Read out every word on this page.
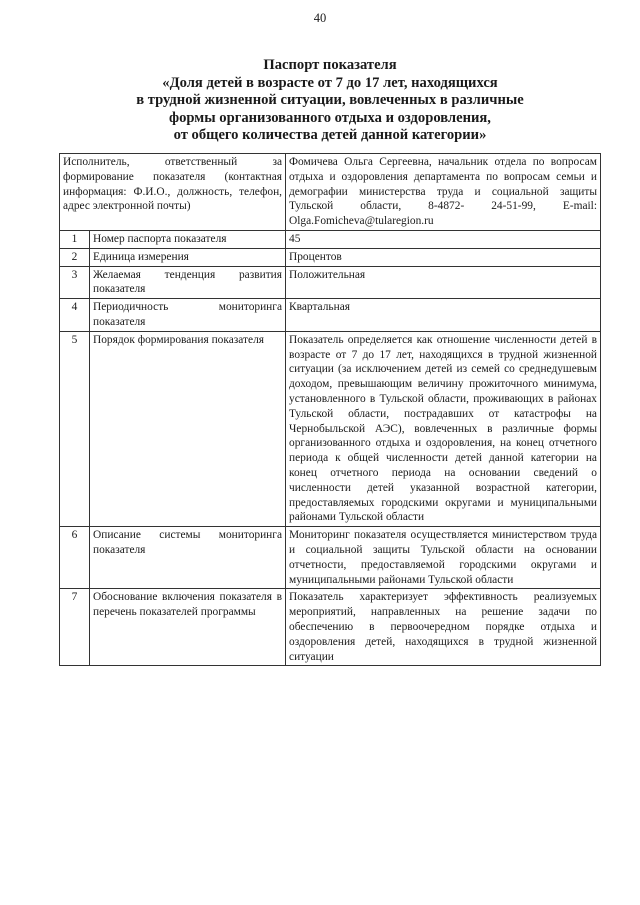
40
Паспорт показателя
«Доля детей в возрасте от 7 до 17 лет, находящихся
в трудной жизненной ситуации, вовлеченных в различные
формы организованного отдыха и оздоровления,
от общего количества детей данной категории»
Исполнитель, ответственный за формирование показателя (контактная информация: Ф.И.О., должность, телефон, адрес электронной почты)		Фомичева Ольга Сергеевна, начальник отдела по вопросам отдыха и оздоровления департамента по вопросам семьи и демографии министерства труда и социальной защиты Тульской области, 8-4872- 24-51-99, E-mail: Olga.Fomicheva@tularegion.ru
1	Номер паспорта показателя	45
2	Единица измерения	Процентов
3	Желаемая тенденция развития показателя	Положительная
4	Периодичность мониторинга показателя	Квартальная
5	Порядок формирования показателя	Показатель определяется как отношение численности детей в возрасте от 7 до 17 лет, находящихся в трудной жизненной ситуации (за исключением детей из семей со среднедушевым доходом, превышающим величину прожиточного минимума, установленного в Тульской области, проживающих в районах Тульской области, пострадавших от катастрофы на Чернобыльской АЭС), вовлеченных в различные формы организованного отдыха и оздоровления, на конец отчетного периода к общей численности детей данной категории на конец отчетного периода на основании сведений о численности детей указанной возрастной категории, предоставляемых городскими округами и муниципальными районами Тульской области
6	Описание системы мониторинга показателя	Мониторинг показателя осуществляется министерством труда и социальной защиты Тульской области на основании отчетности, предоставляемой городскими округами и муниципальными районами Тульской области
7	Обоснование включения показателя в перечень показателей программы	Показатель характеризует эффективность реализуемых мероприятий, направленных на решение задачи по обеспечению в первоочередном порядке отдыха и оздоровления детей, находящихся в трудной жизненной ситуации
